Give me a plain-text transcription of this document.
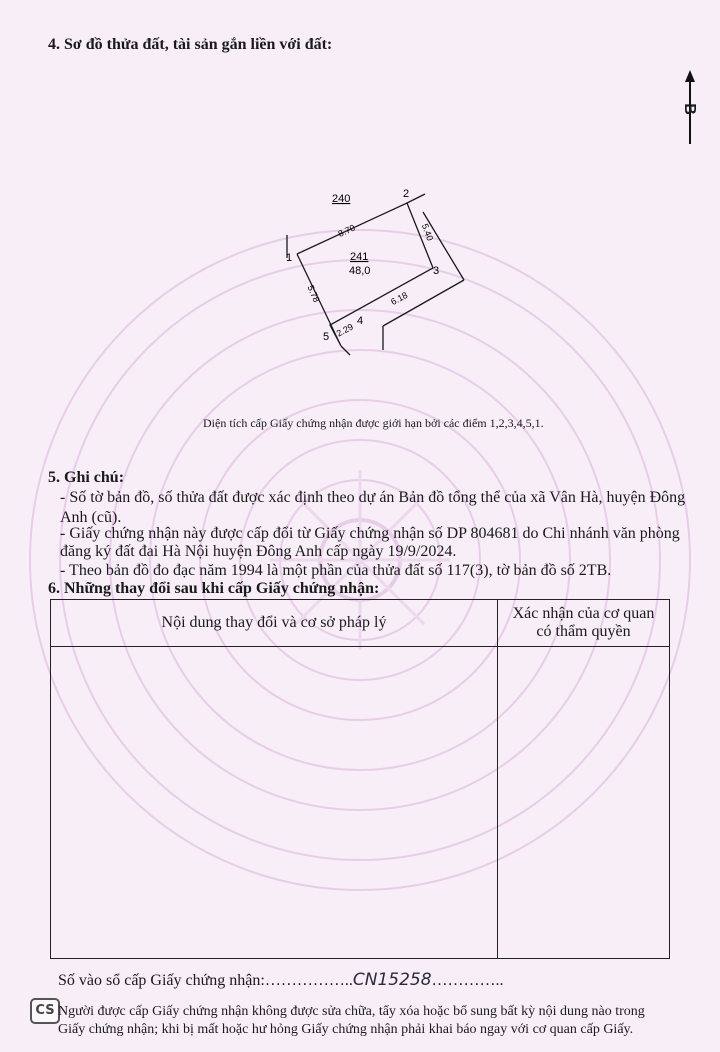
4. Sơ đồ thửa đất, tài sản gắn liền với đất:
B
240
241
48,0
1
2
3
4
5
8.70	5.40
6.18
2.29
5.78
Diện tích cấp Giấy chứng nhận được giới hạn bởi các điểm 1,2,3,4,5,1.
5. Ghi chú:
- Số tờ bản đồ, số thửa đất được xác định theo dự án Bản đồ tổng thể của xã Vân Hà, huyện Đông
Anh (cũ).
- Giấy chứng nhận này được cấp đổi từ Giấy chứng nhận số DP 804681 do Chi nhánh văn phòng
đăng ký đất đai Hà Nội huyện Đông Anh cấp ngày 19/9/2024.
- Theo bản đồ đo đạc năm 1994 là một phần của thửa đất số 117(3), tờ bản đồ số 2TB.
6. Những thay đổi sau khi cấp Giấy chứng nhận:
Nội dung thay đổi và cơ sở pháp lý	Xác nhận của cơ quan
có thẩm quyền

Số vào sổ cấp Giấy chứng nhận:……………..CN15258…………..
CS Người được cấp Giấy chứng nhận không được sửa chữa, tẩy xóa hoặc bổ sung bất kỳ nội dung nào trong
Giấy chứng nhận; khi bị mất hoặc hư hỏng Giấy chứng nhận phải khai báo ngay với cơ quan cấp Giấy.
